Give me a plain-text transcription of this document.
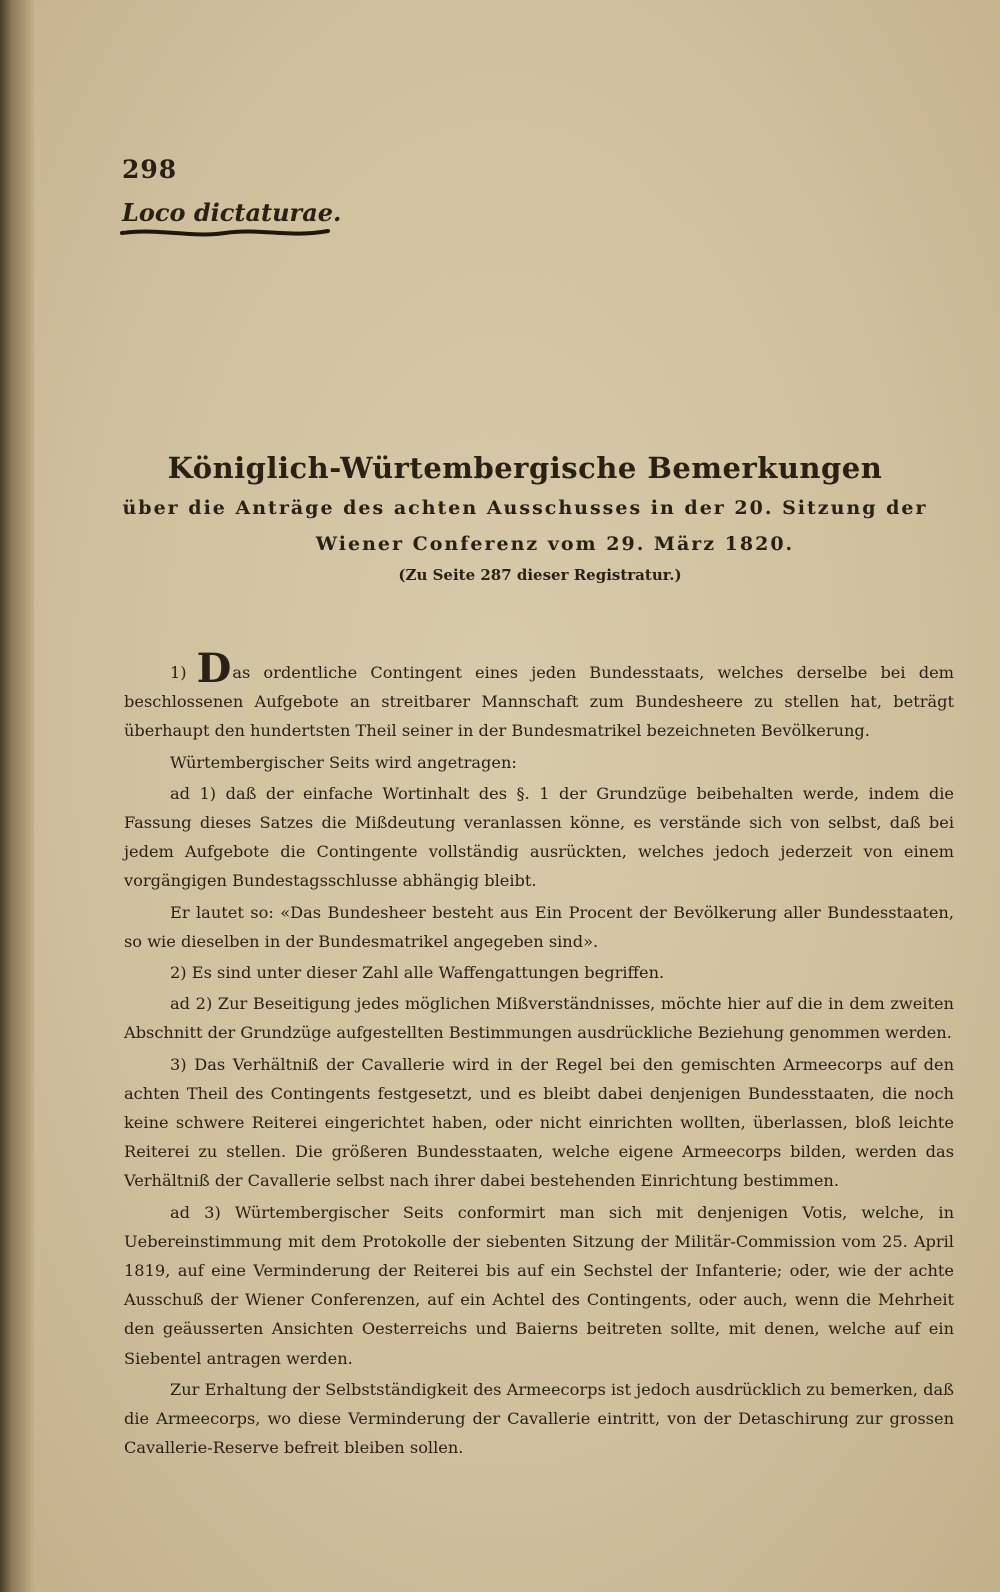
298
Loco dictaturae.
Königlich-Würtembergische Bemerkungen
über die Anträge des achten Ausschusses in der 20. Sitzung der
Wiener Conferenz vom 29. März 1820.
(Zu Seite 287 dieser Registratur.)

1) Das ordentliche Contingent eines jeden Bundesstaats, welches derselbe bei dem beschlossenen Aufgebote an streitbarer Mannschaft zum Bundesheere zu stellen hat, beträgt überhaupt den hundertsten Theil seiner in der Bundesmatrikel bezeichneten Bevölkerung.

Würtembergischer Seits wird angetragen:

ad 1) daß der einfache Wortinhalt des §. 1 der Grundzüge beibehalten werde, indem die Fassung dieses Satzes die Mißdeutung veranlassen könne, es verstände sich von selbst, daß bei jedem Aufgebote die Contingente vollständig ausrückten, welches jedoch jederzeit von einem vorgängigen Bundestagsschlusse abhängig bleibt.

Er lautet so: «Das Bundesheer besteht aus Ein Procent der Bevölkerung aller Bundesstaaten, so wie dieselben in der Bundesmatrikel angegeben sind».

2) Es sind unter dieser Zahl alle Waffengattungen begriffen.

ad 2) Zur Beseitigung jedes möglichen Mißverständnisses, möchte hier auf die in dem zweiten Abschnitt der Grundzüge aufgestellten Bestimmungen ausdrückliche Beziehung genommen werden.

3) Das Verhältniß der Cavallerie wird in der Regel bei den gemischten Armeecorps auf den achten Theil des Contingents festgesetzt, und es bleibt dabei denjenigen Bundesstaaten, die noch keine schwere Reiterei eingerichtet haben, oder nicht einrichten wollten, überlassen, bloß leichte Reiterei zu stellen. Die größeren Bundesstaaten, welche eigene Armeecorps bilden, werden das Verhältniß der Cavallerie selbst nach ihrer dabei bestehenden Einrichtung bestimmen.

ad 3) Würtembergischer Seits conformirt man sich mit denjenigen Votis, welche, in Uebereinstimmung mit dem Protokolle der siebenten Sitzung der Militär-Commission vom 25. April 1819, auf eine Verminderung der Reiterei bis auf ein Sechstel der Infanterie; oder, wie der achte Ausschuß der Wiener Conferenzen, auf ein Achtel des Contingents, oder auch, wenn die Mehrheit den geäusserten Ansichten Oesterreichs und Baierns beitreten sollte, mit denen, welche auf ein Siebentel antragen werden.

Zur Erhaltung der Selbstständigkeit des Armeecorps ist jedoch ausdrücklich zu bemerken, daß die Armeecorps, wo diese Verminderung der Cavallerie eintritt, von der Detaschirung zur grossen Cavallerie-Reserve befreit bleiben sollen.
